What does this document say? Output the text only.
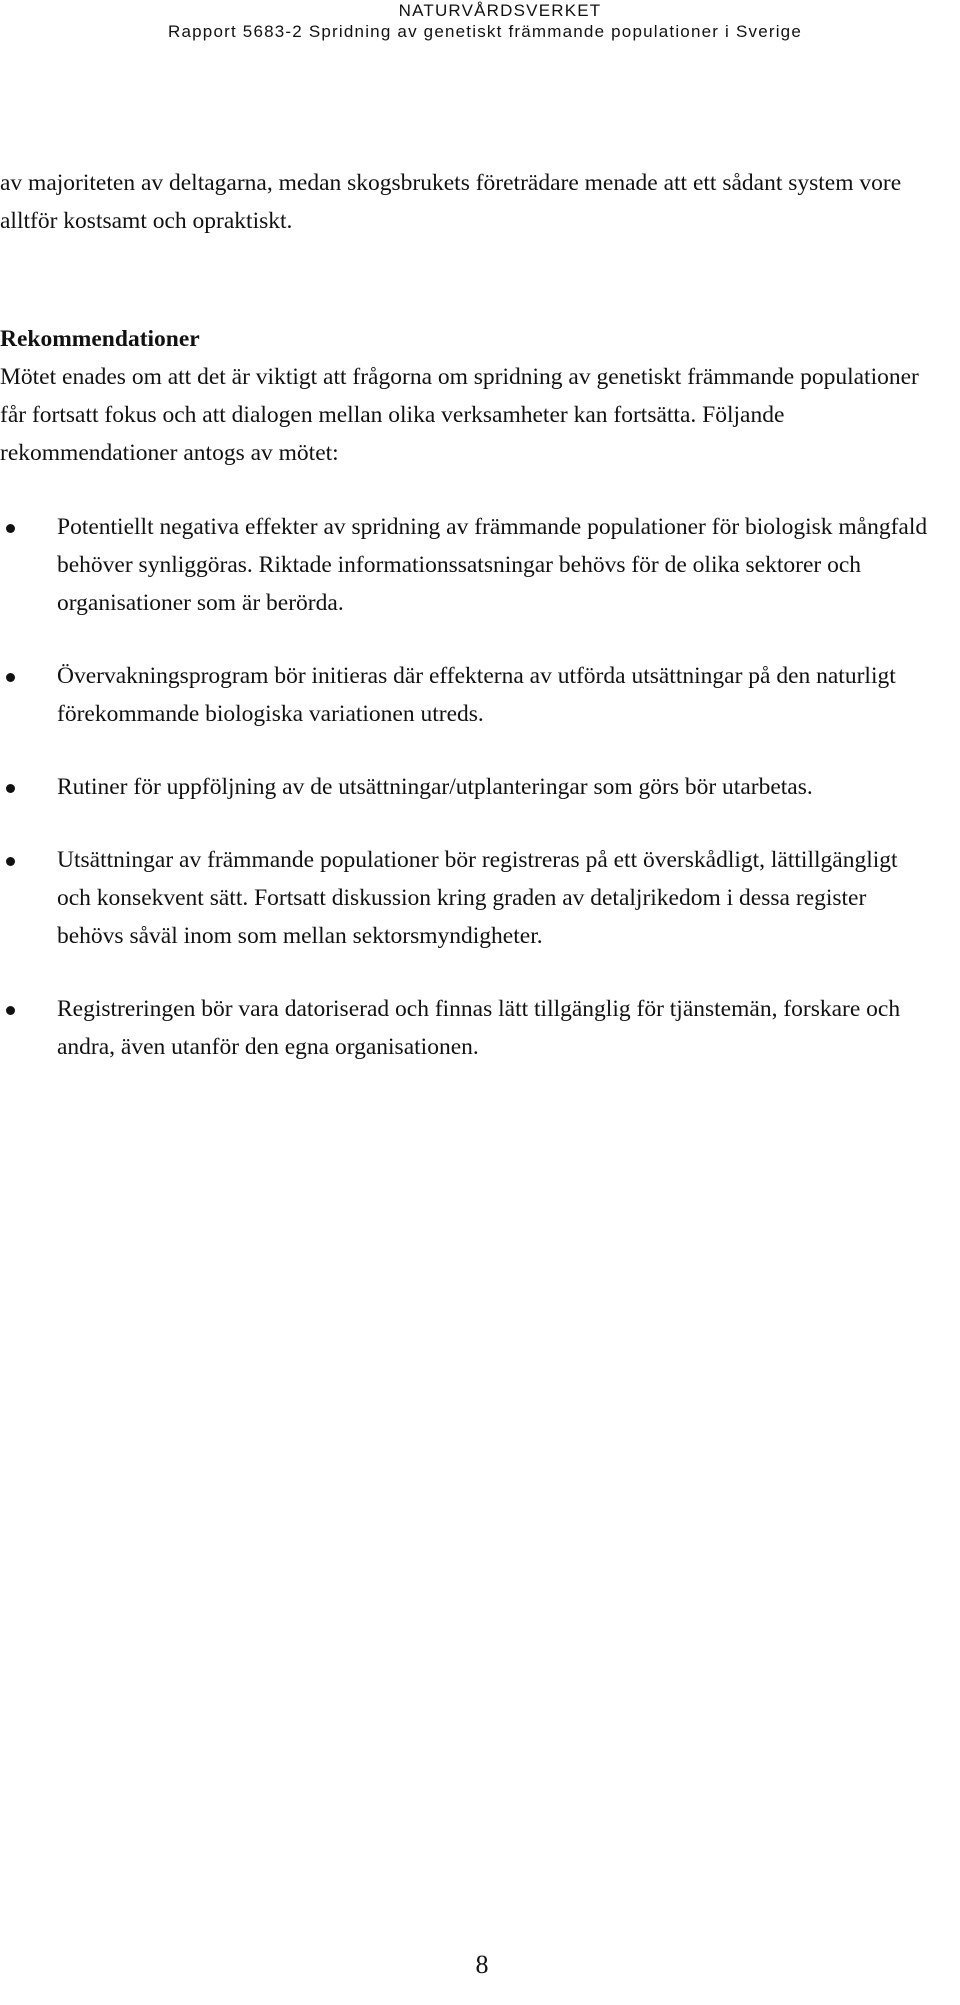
NATURVÅRDSVERKET
Rapport 5683-2 Spridning av genetiskt främmande populationer i Sverige
av majoriteten av deltagarna, medan skogsbrukets företrädare menade att ett sådant system vore alltför kostsamt och opraktiskt.
Rekommendationer
Mötet enades om att det är viktigt att frågorna om spridning av genetiskt främmande populationer får fortsatt fokus och att dialogen mellan olika verksamheter kan fortsätta. Följande rekommendationer antogs av mötet:
Potentiellt negativa effekter av spridning av främmande populationer för biologisk mångfald behöver synliggöras. Riktade informationssatsningar behövs för de olika sektorer och organisationer som är berörda.
Övervakningsprogram bör initieras där effekterna av utförda utsättningar på den naturligt förekommande biologiska variationen utreds.
Rutiner för uppföljning av de utsättningar/utplanteringar som görs bör utarbetas.
Utsättningar av främmande populationer bör registreras på ett överskådligt, lättillgängligt och konsekvent sätt. Fortsatt diskussion kring graden av detaljrikedom i dessa register behövs såväl inom som mellan sektorsmyndigheter.
Registreringen bör vara datoriserad och finnas lätt tillgänglig för tjänstemän, forskare och andra, även utanför den egna organisationen.
8
